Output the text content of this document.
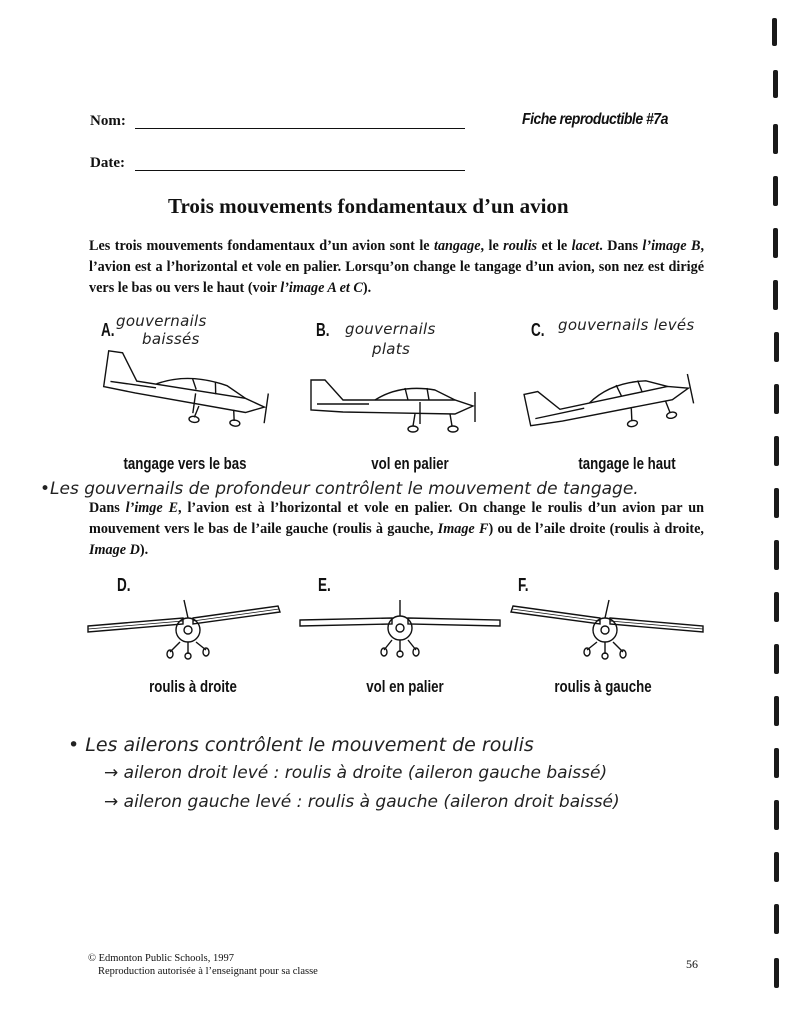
Nom:	Fiche reproductible #7a
Date:
Trois mouvements fondamentaux d’un avion
Les trois mouvements fondamentaux d’un avion sont le tangage, le roulis et le lacet. Dans l’image B, l’avion est a l’horizontal et vole en palier. Lorsqu’on change le tangage d’un avion, son nez est dirigé vers le bas ou vers le haut (voir l’image A et C).
A. gouvernails
baissés	B. gouvernails
plats
C. gouvernails levés
tangage vers le bas	vol en palier	tangage le haut
•Les gouvernails de profondeur contrôlent le mouvement de tangage.
Dans l’imge E, l’avion est à l’horizontal et vole en palier. On change le roulis d’un avion par un mouvement vers le bas de l’aile gauche (roulis à gauche, Image F) ou de l’aile droite (roulis à droite, Image D).
D.	E.	F.
roulis à droite	vol en palier	roulis à gauche
• Les ailerons contrôlent le mouvement de roulis
→ aileron droit levé : roulis à droite (aileron gauche baissé)
→ aileron gauche levé : roulis à gauche (aileron droit baissé)
© Edmonton Public Schools, 1997
Reproduction autorisée à l’enseignant pour sa classe
56
